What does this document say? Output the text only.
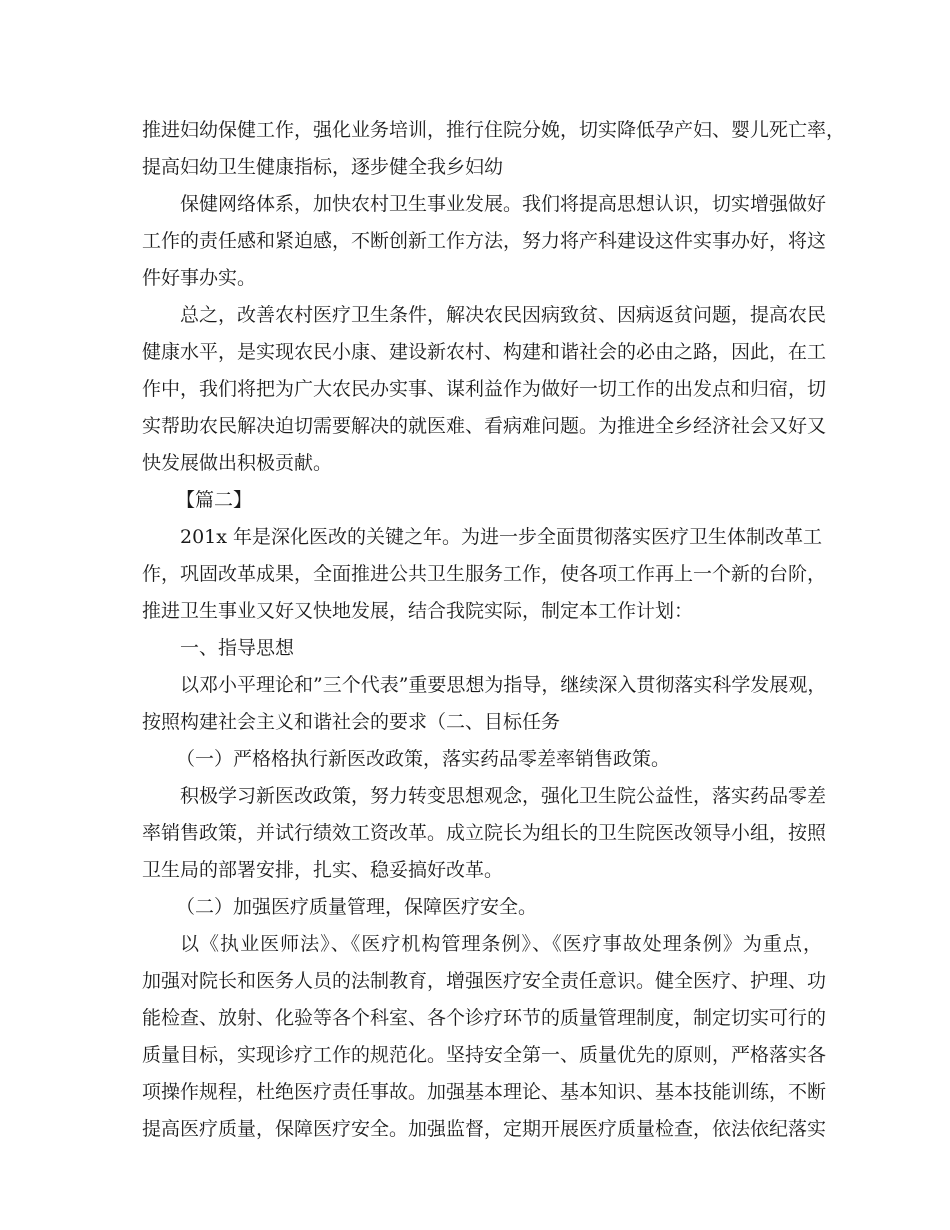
推进妇幼保健工作，强化业务培训，推行住院分娩，切实降低孕产妇、婴儿死亡率，
提高妇幼卫生健康指标，逐步健全我乡妇幼
保健网络体系，加快农村卫生事业发展。我们将提高思想认识，切实增强做好
工作的责任感和紧迫感，不断创新工作方法，努力将产科建设这件实事办好，将这
件好事办实。
总之，改善农村医疗卫生条件，解决农民因病致贫、因病返贫问题，提高农民
健康水平，是实现农民小康、建设新农村、构建和谐社会的必由之路，因此，在工
作中，我们将把为广大农民办实事、谋利益作为做好一切工作的出发点和归宿，切
实帮助农民解决迫切需要解决的就医难、看病难问题。为推进全乡经济社会又好又
快发展做出积极贡献。
【篇二】
201x 年是深化医改的关键之年。为进一步全面贯彻落实医疗卫生体制改革工
作，巩固改革成果，全面推进公共卫生服务工作，使各项工作再上一个新的台阶，
推进卫生事业又好又快地发展，结合我院实际，制定本工作计划：
一、指导思想
以邓小平理论和”三个代表”重要思想为指导，继续深入贯彻落实科学发展观，
按照构建社会主义和谐社会的要求（二、目标任务
（一）严格格执行新医改政策，落实药品零差率销售政策。
积极学习新医改政策，努力转变思想观念，强化卫生院公益性，落实药品零差
率销售政策，并试行绩效工资改革。成立院长为组长的卫生院医改领导小组，按照
卫生局的部署安排，扎实、稳妥搞好改革。
（二）加强医疗质量管理，保障医疗安全。
以《执业医师法》、《医疗机构管理条例》、《医疗事故处理条例》为重点，
加强对院长和医务人员的法制教育，增强医疗安全责任意识。健全医疗、护理、功
能检查、放射、化验等各个科室、各个诊疗环节的质量管理制度，制定切实可行的
质量目标，实现诊疗工作的规范化。坚持安全第一、质量优先的原则，严格落实各
项操作规程，杜绝医疗责任事故。加强基本理论、基本知识、基本技能训练，不断
提高医疗质量，保障医疗安全。加强监督，定期开展医疗质量检查，依法依纪落实
